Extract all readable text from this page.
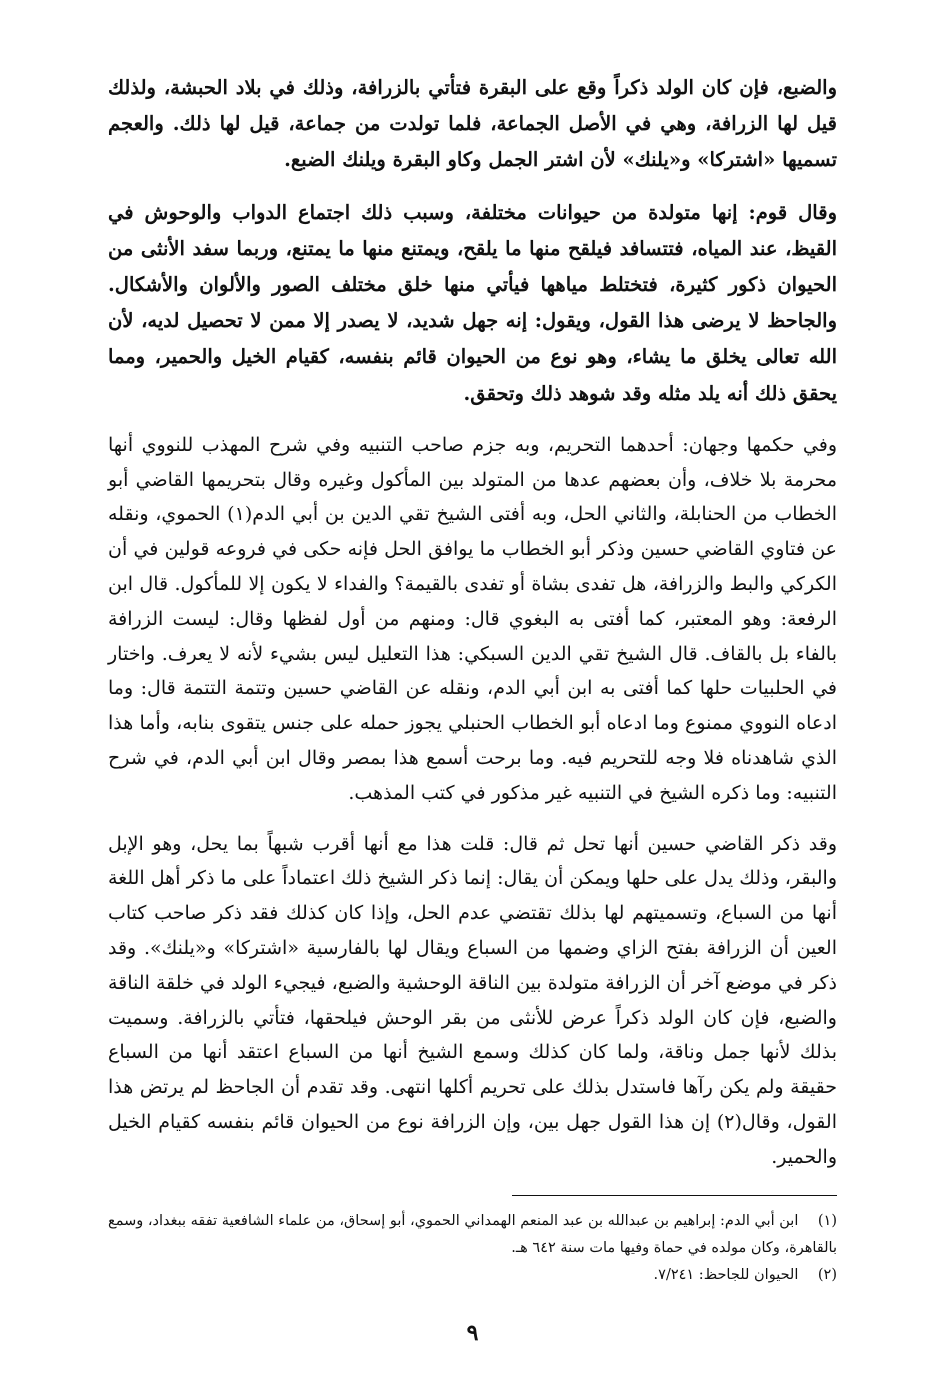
والضبع، فإن كان الولد ذكراً وقع على البقرة فتأتي بالزرافة، وذلك في بلاد الحبشة، ولذلك قيل لها الزرافة، وهي في الأصل الجماعة، فلما تولدت من جماعة، قيل لها ذلك. والعجم تسميها «اشتركا» و«يلنك» لأن اشتر الجمل وكاو البقرة ويلنك الضبع.

وقال قوم: إنها متولدة من حيوانات مختلفة، وسبب ذلك اجتماع الدواب والوحوش في القيظ، عند المياه، فتتسافد فيلقح منها ما يلقح، ويمتنع منها ما يمتنع، وربما سفد الأنثى من الحيوان ذكور كثيرة، فتختلط مياهها فيأتي منها خلق مختلف الصور والألوان والأشكال. والجاحظ لا يرضى هذا القول، ويقول: إنه جهل شديد، لا يصدر إلا ممن لا تحصيل لديه، لأن الله تعالى يخلق ما يشاء، وهو نوع من الحيوان قائم بنفسه، كقيام الخيل والحمير، ومما يحقق ذلك أنه يلد مثله وقد شوهد ذلك وتحقق.

وفي حكمها وجهان: أحدهما التحريم، وبه جزم صاحب التنبيه وفي شرح المهذب للنووي أنها محرمة بلا خلاف، وأن بعضهم عدها من المتولد بين المأكول وغيره وقال بتحريمها القاضي أبو الخطاب من الحنابلة، والثاني الحل، وبه أفتى الشيخ تقي الدين بن أبي الدم(١) الحموي، ونقله عن فتاوي القاضي حسين وذكر أبو الخطاب ما يوافق الحل فإنه حكى في فروعه قولين في أن الكركي والبط والزرافة، هل تفدى بشاة أو تفدى بالقيمة؟ والفداء لا يكون إلا للمأكول. قال ابن الرفعة: وهو المعتبر، كما أفتى به البغوي قال: ومنهم من أول لفظها وقال: ليست الزرافة بالفاء بل بالقاف. قال الشيخ تقي الدين السبكي: هذا التعليل ليس بشيء لأنه لا يعرف. واختار في الحلبيات حلها كما أفتى به ابن أبي الدم، ونقله عن القاضي حسين وتتمة التتمة قال: وما ادعاه النووي ممنوع وما ادعاه أبو الخطاب الحنبلي يجوز حمله على جنس يتقوى بنابه، وأما هذا الذي شاهدناه فلا وجه للتحريم فيه. وما برحت أسمع هذا بمصر وقال ابن أبي الدم، في شرح التنبيه: وما ذكره الشيخ في التنبيه غير مذكور في كتب المذهب.

وقد ذكر القاضي حسين أنها تحل ثم قال: قلت هذا مع أنها أقرب شبهاً بما يحل، وهو الإبل والبقر، وذلك يدل على حلها ويمكن أن يقال: إنما ذكر الشيخ ذلك اعتماداً على ما ذكر أهل اللغة أنها من السباع، وتسميتهم لها بذلك تقتضي عدم الحل، وإذا كان كذلك فقد ذكر صاحب كتاب العين أن الزرافة بفتح الزاي وضمها من السباع ويقال لها بالفارسية «اشتركا» و«يلنك». وقد ذكر في موضع آخر أن الزرافة متولدة بين الناقة الوحشية والضبع، فيجيء الولد في خلقة الناقة والضبع، فإن كان الولد ذكراً عرض للأنثى من بقر الوحش فيلحقها، فتأتي بالزرافة. وسميت بذلك لأنها جمل وناقة، ولما كان كذلك وسمع الشيخ أنها من السباع اعتقد أنها من السباع حقيقة ولم يكن رآها فاستدل بذلك على تحريم أكلها انتهى. وقد تقدم أن الجاحظ لم يرتض هذا القول، وقال(٢) إن هذا القول جهل بين، وإن الزرافة نوع من الحيوان قائم بنفسه كقيام الخيل والحمير.

(١) ابن أبي الدم: إبراهيم بن عبدالله بن عبد المنعم الهمداني الحموي، أبو إسحاق، من علماء الشافعية تفقه ببغداد، وسمع بالقاهرة، وكان مولده في حماة وفيها مات سنة ٦٤٢ هـ.

(٢) الحيوان للجاحظ: ٧/٢٤١.

٩
